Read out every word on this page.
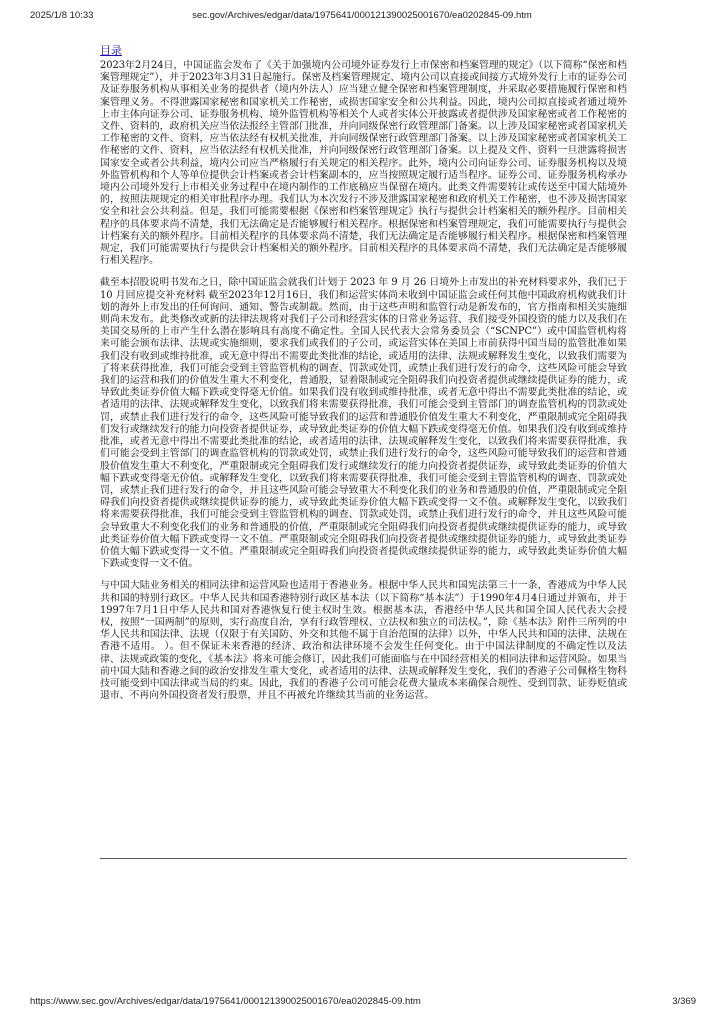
2025/1/8 10:33	sec.gov/Archives/edgar/data/1975641/000121390025001670/ea0202845-09.htm
目录

2023年2月24日，中国证监会发布了《关于加强境内公司境外证券发行上市保密和档案管理的规定》（以下简称“保密和档案管理规定”），并于2023年3月31日起施行。保密及档案管理规定、境内公司以直接或间接方式境外发行上市的证券公司及证券服务机构从事相关业务的提供者（境内外法人）应当建立健全保密和档案管理制度，并采取必要措施履行保密和档案管理义务。不得泄露国家秘密和国家机关工作秘密，或损害国家安全和公共利益。因此，境内公司拟直接或者通过境外上市主体向证券公司、证券服务机构、境外监管机构等相关个人或者实体公开披露或者提供涉及国家秘密或者工作秘密的文件、资料的，政府机关应当依法报经主管部门批准，并向同级保密行政管理部门备案。以上涉及国家秘密或者国家机关工作秘密的文件、资料，应当依法经有权机关批准，并向同级保密行政管理部门备案。以上涉及国家秘密或者国家机关工作秘密的文件、资料，应当依法经有权机关批准，并向同级保密行政管理部门备案。以上提及文件、资料一旦泄露将损害国家安全或者公共利益，境内公司应当严格履行有关规定的相关程序。此外，境内公司向证券公司、证券服务机构以及境外监管机构和个人等单位提供会计档案或者会计档案副本的，应当按照规定履行适当程序。证券公司、证券服务机构承办境内公司境外发行上市相关业务过程中在境内制作的工作底稿应当保留在境内。此类文件需要转让或传送至中国大陆境外的，按照法规规定的相关审批程序办理。我们认为本次发行不涉及泄露国家秘密和政府机关工作秘密，也不涉及损害国家安全和社会公共利益。但是，我们可能需要根据《保密和档案管理规定》执行与提供会计档案相关的额外程序。目前相关程序的具体要求尚不清楚，我们无法确定是否能够履行相关程序。根据保密和档案管理规定，我们可能需要执行与提供会计档案有关的额外程序。目前相关程序的具体要求尚不清楚，我们无法确定是否能够履行相关程序。根据保密和档案管理规定，我们可能需要执行与提供会计档案相关的额外程序。目前相关程序的具体要求尚不清楚，我们无法确定是否能够履行相关程序。

截至本招股说明书发布之日，除中国证监会就我们计划于 2023 年 9 月 26 日境外上市发出的补充材料要求外，我们已于 10 月回应提交补充材料 截至2023年12月16日，我们和运营实体尚未收到中国证监会或任何其他中国政府机构就我们计划的海外上市发出的任何询问、通知、警告或制裁。然而，由于这些声明和监管行动是新发布的，官方指南和相关实施细则尚未发布。此类修改或新的法律法规将对我们子公司和经营实体的日常业务运营、我们接受外国投资的能力以及我们在美国交易所的上市产生什么潜在影响具有高度不确定性。全国人民代表大会常务委员会（“SCNPC”）或中国监管机构将来可能会颁布法律、法规或实施细则，要求我们或我们的子公司，或运营实体在美国上市前获得中国当局的监管批准如果我们没有收到或维持批准，或无意中得出不需要此类批准的结论，或适用的法律、法规或解释发生变化，以致我们需要为了将来获得批准，我们可能会受到主管监管机构的调查、罚款或处罚，或禁止我们进行发行的命令，这些风险可能会导致我们的运营和我们的价值发生重大不利变化，普通股，显着限制或完全阻碍我们向投资者提供或继续提供证券的能力，或导致此类证券价值大幅下跌或变得毫无价值。如果我们没有收到或维持批准，或者无意中得出不需要此类批准的结论，或者适用的法律、法规或解释发生变化，以致我们将来需要获得批准，我们可能会受到主管部门的调查监管机构的罚款或处罚，或禁止我们进行发行的命令，这些风险可能导致我们的运营和普通股价值发生重大不利变化，严重限制或完全阻碍我们发行或继续发行的能力向投资者提供证券，或导致此类证券的价值大幅下跌或变得毫无价值。如果我们没有收到或维持批准，或者无意中得出不需要此类批准的结论，或者适用的法律、法规或解释发生变化，以致我们将来需要获得批准，我们可能会受到主管部门的调查监管机构的罚款或处罚，或禁止我们进行发行的命令，这些风险可能导致我们的运营和普通股价值发生重大不利变化，严重限制或完全阻碍我们发行或继续发行的能力向投资者提供证券，或导致此类证券的价值大幅下跌或变得毫无价值。或解释发生变化，以致我们将来需要获得批准，我们可能会受到主管监管机构的调查、罚款或处罚，或禁止我们进行发行的命令，并且这些风险可能会导致重大不利变化我们的业务和普通股的价值，严重限制或完全阻碍我们向投资者提供或继续提供证券的能力，或导致此类证券价值大幅下跌或变得一文不值。或解释发生变化，以致我们将来需要获得批准，我们可能会受到主管监管机构的调查、罚款或处罚，或禁止我们进行发行的命令，并且这些风险可能会导致重大不利变化我们的业务和普通股的价值，严重限制或完全阻碍我们向投资者提供或继续提供证券的能力，或导致此类证券价值大幅下跌或变得一文不值。严重限制或完全阻碍我们向投资者提供或继续提供证券的能力，或导致此类证券价值大幅下跌或变得一文不值。严重限制或完全阻碍我们向投资者提供或继续提供证券的能力，或导致此类证券价值大幅下跌或变得一文不值。

与中国大陆业务相关的相同法律和运营风险也适用于香港业务。根据中华人民共和国宪法第三十一条，香港成为中华人民共和国的特别行政区。中华人民共和国香港特别行政区基本法（以下简称“基本法”）于1990年4月4日通过并颁布，并于1997年7月1日中华人民共和国对香港恢复行使主权时生效。根据基本法，香港经中华人民共和国全国人民代表大会授权，按照“一国两制”的原则，实行高度自治，享有行政管理权、立法权和独立的司法权。”，除《基本法》附件三所列的中华人民共和国法律、法规（仅限于有关国防、外交和其他不属于自治范围的法律）以外，中华人民共和国的法律、法规在香港不适用。 ）。但不保证未来香港的经济、政治和法律环境不会发生任何变化。由于中国法律制度的不确定性以及法律、法规或政策的变化，《基本法》将来可能会修订，因此我们可能面临与在中国经营相关的相同法律和运营风险。如果当前中国大陆和香港之间的政治安排发生重大变化，或者适用的法律、法规或解释发生变化，我们的香港子公司佩格生物科技可能受到中国法律或当局的约束。因此，我们的香港子公司可能会花费大量成本来确保合规性、受到罚款、证券贬值或退市、不再向外国投资者发行股票，并且不再被允许继续其当前的业务运营。

https://www.sec.gov/Archives/edgar/data/1975641/000121390025001670/ea0202845-09.htm	3/369
